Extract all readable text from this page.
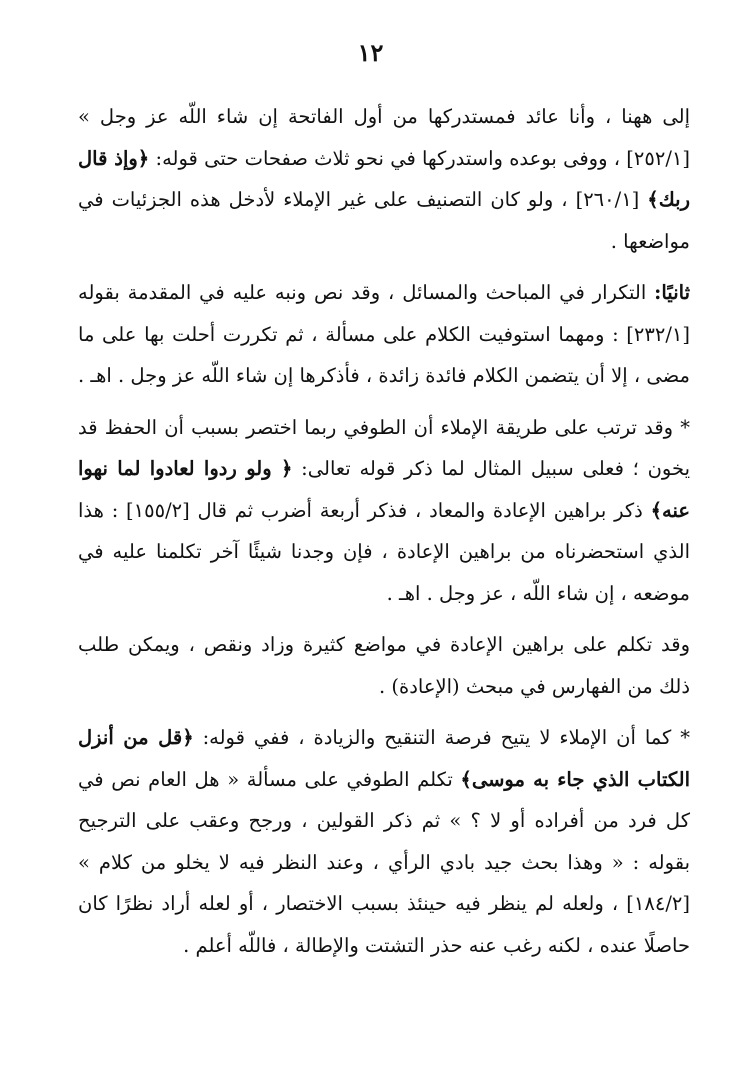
١٢

إلى ههنا ، وأنا عائد فمستدركها من أول الفاتحة إن شاء اللّه عز وجل » [٢٥٢/١] ، ووفى بوعده واستدركها في نحو ثلاث صفحات حتى قوله: ﴿وإذ قال ربك﴾ [٢٦٠/١] ، ولو كان التصنيف على غير الإملاء لأدخل هذه الجزئيات في مواضعها .

ثانيًا: التكرار في المباحث والمسائل ، وقد نص ونبه عليه في المقدمة بقوله [٢٣٢/١] : ومهما استوفيت الكلام على مسألة ، ثم تكررت أحلت بها على ما مضى ، إلا أن يتضمن الكلام فائدة زائدة ، فأذكرها إن شاء اللّه عز وجل . اهـ .

* وقد ترتب على طريقة الإملاء أن الطوفي ربما اختصر بسبب أن الحفظ قد يخون ؛ فعلى سبيل المثال لما ذكر قوله تعالى: ﴿ ولو ردوا لعادوا لما نهوا عنه﴾ ذكر براهين الإعادة والمعاد ، فذكر أربعة أضرب ثم قال [١٥٥/٢] : هذا الذي استحضرناه من براهين الإعادة ، فإن وجدنا شيئًا آخر تكلمنا عليه في موضعه ، إن شاء اللّه ، عز وجل . اهـ .

وقد تكلم على براهين الإعادة في مواضع كثيرة وزاد ونقص ، ويمكن طلب ذلك من الفهارس في مبحث (الإعادة) .

* كما أن الإملاء لا يتيح فرصة التنقيح والزيادة ، ففي قوله: ﴿قل من أنزل الكتاب الذي جاء به موسى﴾ تكلم الطوفي على مسألة « هل العام نص في كل فرد من أفراده أو لا ؟ » ثم ذكر القولين ، ورجح وعقب على الترجيح بقوله : « وهذا بحث جيد بادي الرأي ، وعند النظر فيه لا يخلو من كلام » [١٨٤/٢] ، ولعله لم ينظر فيه حينئذ بسبب الاختصار ، أو لعله أراد نظرًا كان حاصلًا عنده ، لكنه رغب عنه حذر التشتت والإطالة ، فاللّه أعلم .
